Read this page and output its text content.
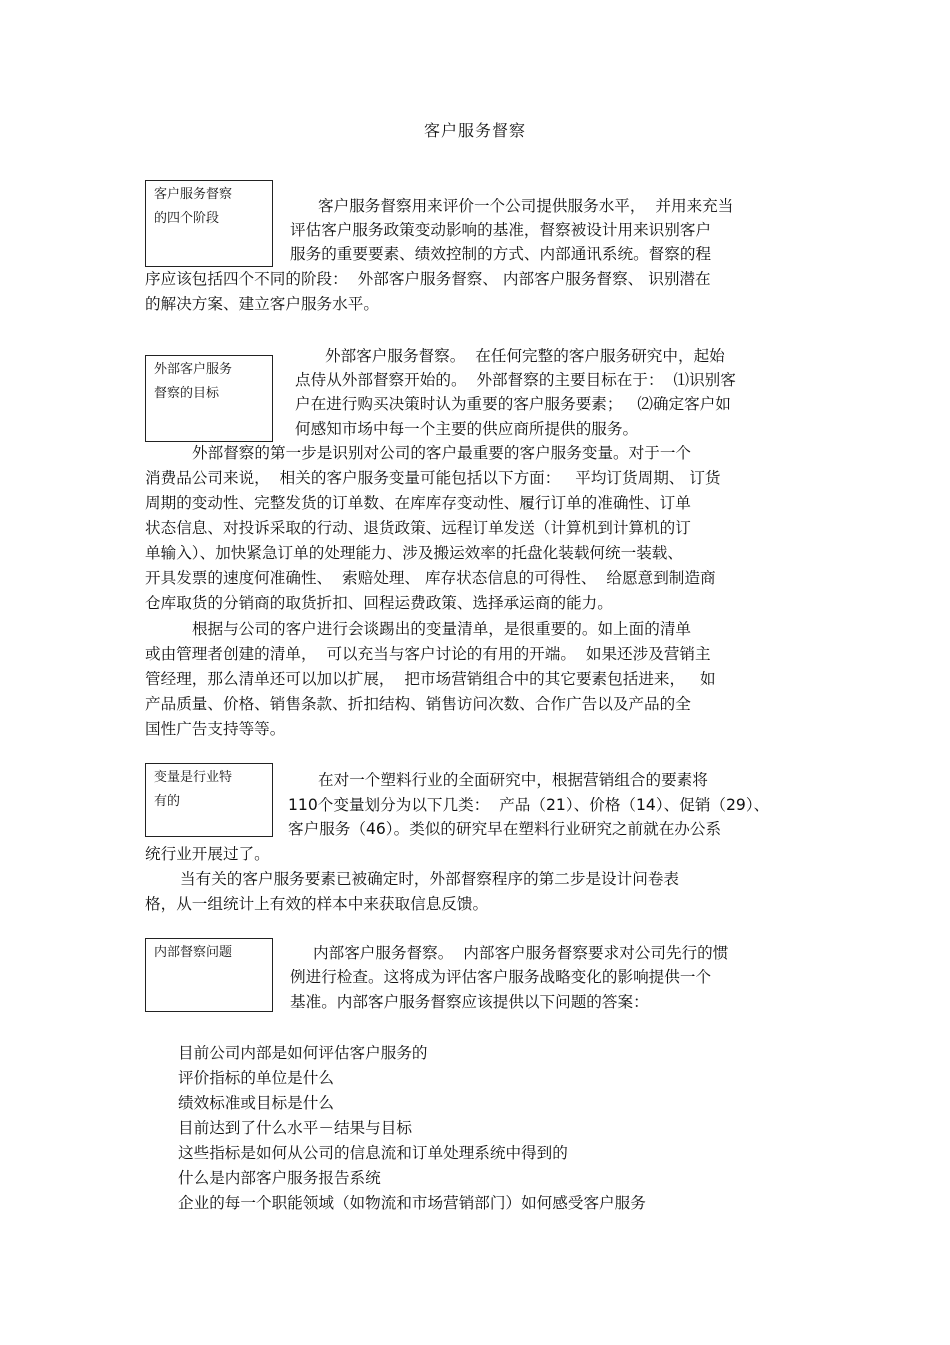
客户服务督察
客户服务督察
的四个阶段
外部客户服务
督察的目标
变量是行业特
有的
内部督察问题
客户服务督察用来评价一个公司提供服务水平，  并用来充当
评估客户服务政策变动影响的基准，督察被设计用来识别客户
服务的重要要素、绩效控制的方式、内部通讯系统。督察的程
序应该包括四个不同的阶段：  外部客户服务督察、 内部客户服务督察、 识别潜在
的解决方案、建立客户服务水平。
外部客户服务督察。  在任何完整的客户服务研究中，起始
点侍从外部督察开始的。  外部督察的主要目标在于：  ⑴识别客
户在进行购买决策时认为重要的客户服务要素；   ⑵确定客户如
何感知市场中每一个主要的供应商所提供的服务。
外部督察的第一步是识别对公司的客户最重要的客户服务变量。对于一个
消费品公司来说，  相关的客户服务变量可能包括以下方面：   平均订货周期、 订货
周期的变动性、完整发货的订单数、在库库存变动性、履行订单的准确性、订单
状态信息、对投诉采取的行动、退货政策、远程订单发送（计算机到计算机的订
单输入）、加快紧急订单的处理能力、涉及搬运效率的托盘化装载何统一装载、
开具发票的速度何准确性、  索赔处理、 库存状态信息的可得性、  给愿意到制造商
仓库取货的分销商的取货折扣、回程运费政策、选择承运商的能力。
根据与公司的客户进行会谈踢出的变量清单，是很重要的。如上面的清单
或由管理者创建的清单，  可以充当与客户讨论的有用的开端。  如果还涉及营销主
管经理，那么清单还可以加以扩展，  把市场营销组合中的其它要素包括进来，   如
产品质量、价格、销售条款、折扣结构、销售访问次数、合作广告以及产品的全
国性广告支持等等。
在对一个塑料行业的全面研究中，根据营销组合的要素将
110个变量划分为以下几类：  产品（21）、价格（14）、促销（29）、
客户服务（46）。类似的研究早在塑料行业研究之前就在办公系
统行业开展过了。
当有关的客户服务要素已被确定时，外部督察程序的第二步是设计问卷表
格，从一组统计上有效的样本中来获取信息反馈。
内部客户服务督察。  内部客户服务督察要求对公司先行的惯
例进行检查。这将成为评估客户服务战略变化的影响提供一个
基准。内部客户服务督察应该提供以下问题的答案：
目前公司内部是如何评估客户服务的
评价指标的单位是什么
绩效标准或目标是什么
目前达到了什么水平－结果与目标
这些指标是如何从公司的信息流和订单处理系统中得到的
什么是内部客户服务报告系统
企业的每一个职能领域（如物流和市场营销部门）如何感受客户服务
